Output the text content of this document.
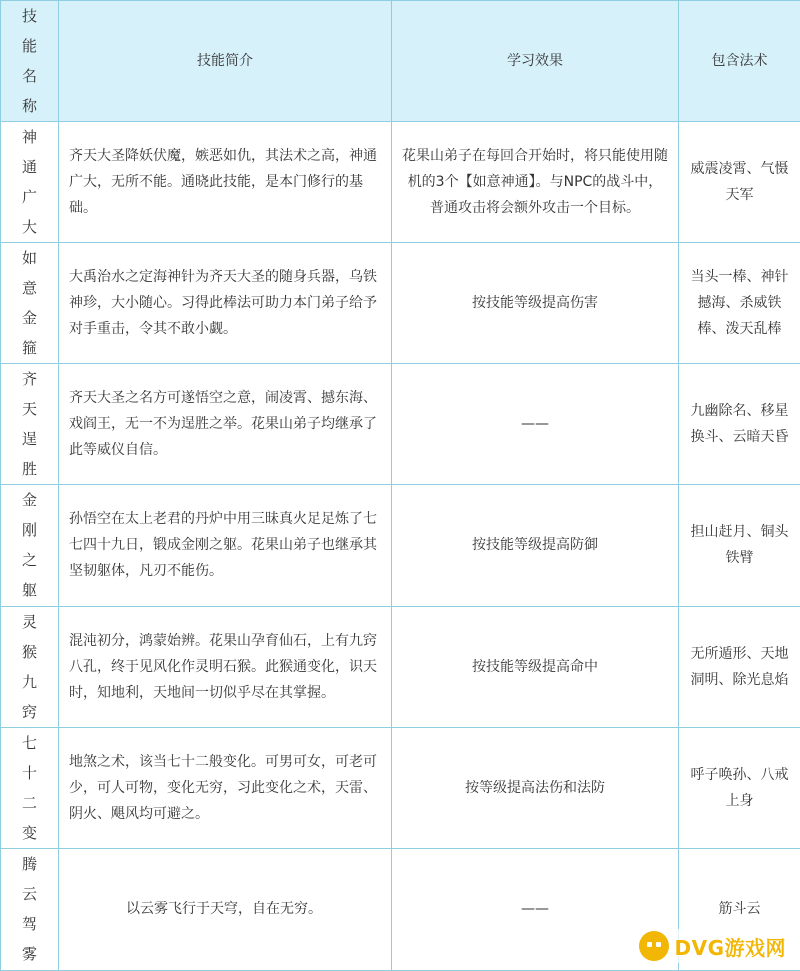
技能名称	技能简介	学习效果	包含法术
神通广大	齐天大圣降妖伏魔，嫉恶如仇，其法术之高，神通广大，无所不能。通晓此技能，是本门修行的基础。	花果山弟子在每回合开始时，将只能使用随机的3个【如意神通】。与NPC的战斗中，普通攻击将会额外攻击一个目标。	威震凌霄、气慑天军
如意金箍	大禹治水之定海神针为齐天大圣的随身兵器，乌铁神珍，大小随心。习得此棒法可助力本门弟子给予对手重击，令其不敢小觑。	按技能等级提高伤害	当头一棒、神针撼海、杀威铁棒、泼天乱棒
齐天逞胜	齐天大圣之名方可遂悟空之意，闹凌霄、撼东海、戏阎王，无一不为逞胜之举。花果山弟子均继承了此等威仪自信。	——	九幽除名、移星换斗、云暗天昏
金刚之躯	孙悟空在太上老君的丹炉中用三昧真火足足炼了七七四十九日，锻成金刚之躯。花果山弟子也继承其坚韧躯体，凡刃不能伤。	按技能等级提高防御	担山赶月、铜头铁臂
灵猴九窍	混沌初分，鸿蒙始辨。花果山孕育仙石，上有九窍八孔，终于见风化作灵明石猴。此猴通变化，识天时，知地利，天地间一切似乎尽在其掌握。	按技能等级提高命中	无所遁形、天地洞明、除光息焰
七十二变	地煞之术，该当七十二般变化。可男可女，可老可少，可人可物，变化无穷，习此变化之术，天雷、阴火、飓风均可避之。	按等级提高法伤和法防	呼子唤孙、八戒上身
腾云驾雾	以云雾飞行于天穹，自在无穷。	——	筋斗云
DVG游戏网
